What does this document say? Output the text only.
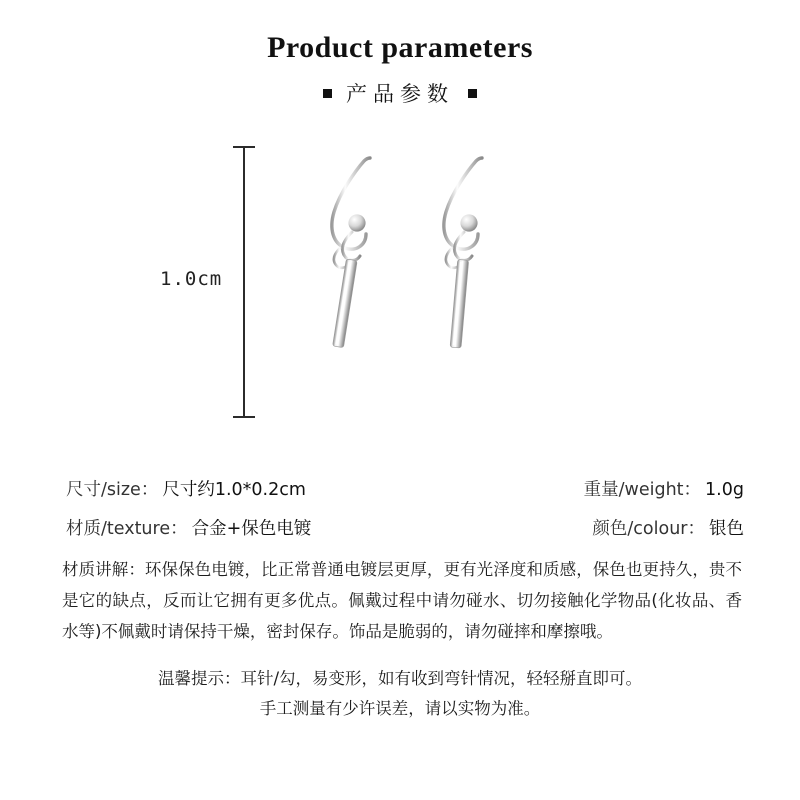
Product parameters
产品参数
1.0cm
尺寸/size： 尺寸约1.0*0.2cm	重量/weight： 1.0g
材质/texture： 合金+保色电镀	颜色/colour： 银色

材质讲解：环保保色电镀，比正常普通电镀层更厚，更有光泽度和质感，保色也更持久，贵不是它的缺点，反而让它拥有更多优点。佩戴过程中请勿碰水、切勿接触化学物品(化妆品、香水等)不佩戴时请保持干燥，密封保存。饰品是脆弱的，请勿碰摔和摩擦哦。

温馨提示：耳针/勾，易变形，如有收到弯针情况，轻轻掰直即可。
手工测量有少许误差，请以实物为准。
